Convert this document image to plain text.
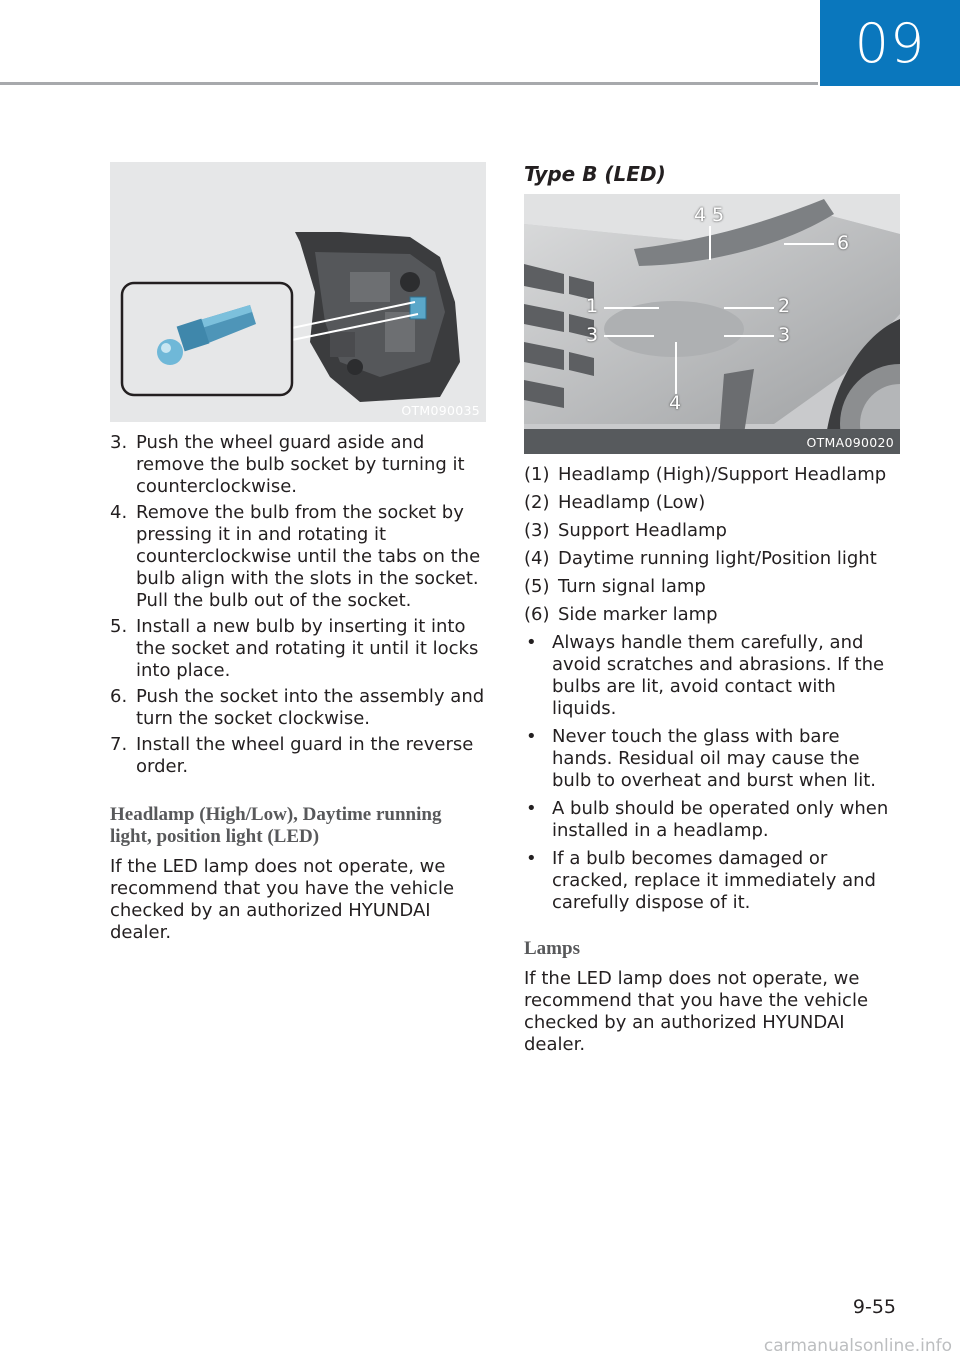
09
OTM090035
3. Push the wheel guard aside and remove the bulb socket by turning it counterclockwise.
4. Remove the bulb from the socket by pressing it in and rotating it counterclockwise until the tabs on the bulb align with the slots in the socket. Pull the bulb out of the socket.
5. Install a new bulb by inserting it into the socket and rotating it until it locks into place.
6. Push the socket into the assembly and turn the socket clockwise.
7. Install the wheel guard in the reverse order.
Headlamp (High/Low), Daytime running light, position light (LED)

If the LED lamp does not operate, we recommend that you have the vehicle checked by an authorized HYUNDAI dealer.

Type B (LED)
4 5
6
1	2
3	3
4
OTMA090020
(1) Headlamp (High)/Support Headlamp
(2) Headlamp (Low)
(3) Support Headlamp
(4) Daytime running light/Position light
(5) Turn signal lamp
(6) Side marker lamp
• Always handle them carefully, and avoid scratches and abrasions. If the bulbs are lit, avoid contact with liquids.
• Never touch the glass with bare hands. Residual oil may cause the bulb to overheat and burst when lit.
• A bulb should be operated only when installed in a headlamp.
• If a bulb becomes damaged or cracked, replace it immediately and carefully dispose of it.
Lamps

If the LED lamp does not operate, we recommend that you have the vehicle checked by an authorized HYUNDAI dealer.

9-55
carmanualsonline.info
